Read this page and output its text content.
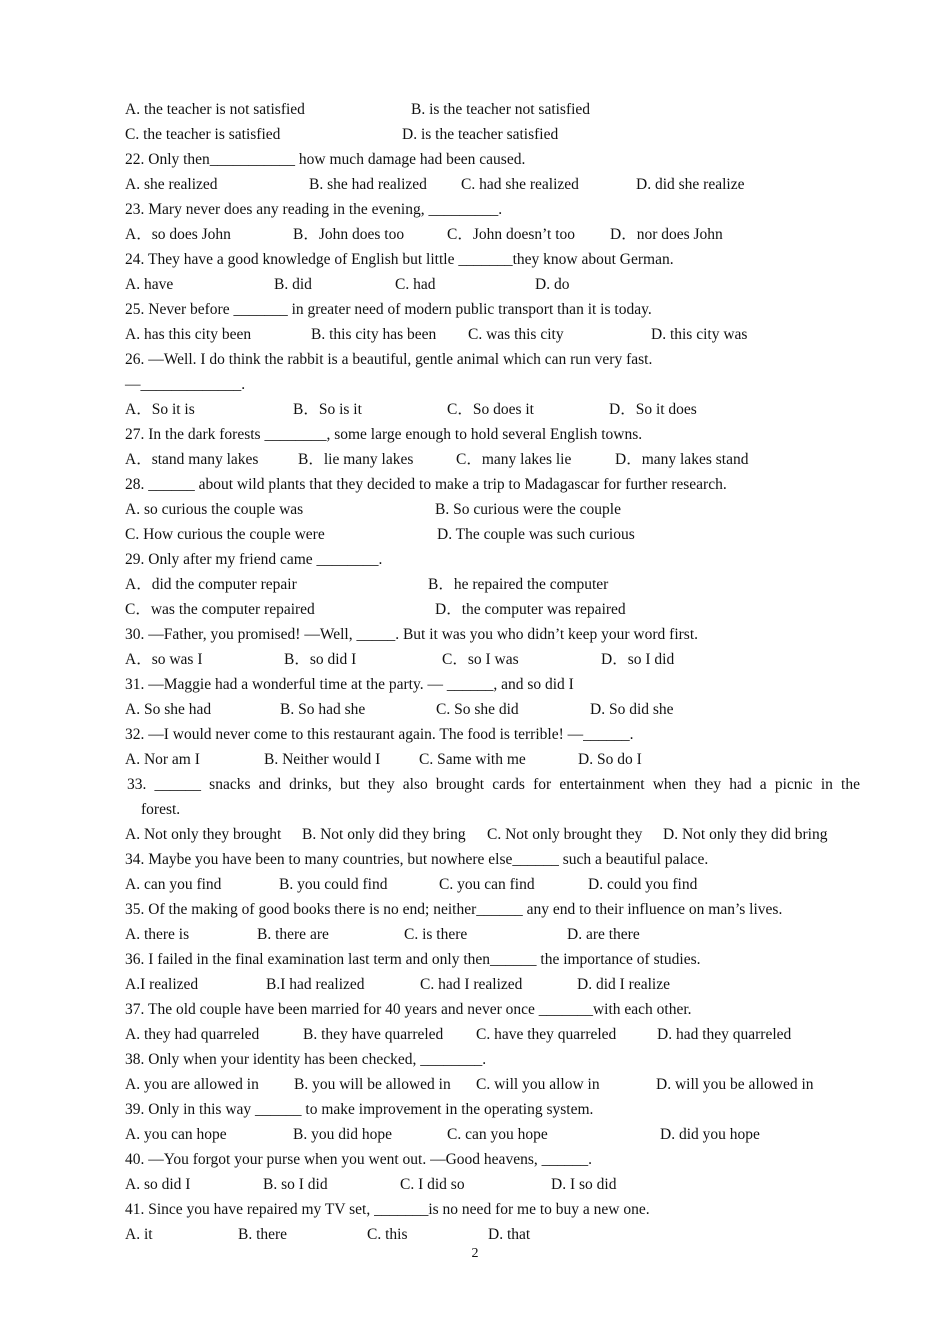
A. the teacher is not satisfied	B. is the teacher not satisfied
C. the teacher is satisfied	D. is the teacher satisfied
22. Only then___________ how much damage had been caused.
A. she realized	B. she had realized C. had she realized	D. did she realize
23. Mary never does any reading in the evening, _________.
A．so does John	B．John does too	C．John doesn’t too D．nor does John
24. They have a good knowledge of English but little _______they know about German.
A. have	B. did	C. had	D. do
25. Never before _______ in greater need of modern public transport than it is today.
A. has this city been	B. this city has been C. was this city	D. this city was
26. —Well. I do think the rabbit is a beautiful, gentle animal which can run very fast.
—_____________.
A．So it is	B．So is it	C．So does it	D．So it does
27. In the dark forests ________, some large enough to hold several English towns.
A．stand many lakes	B．lie many lakes	C．many lakes lie	D．many lakes stand
28. ______ about wild plants that they decided to make a trip to Madagascar for further research.
A. so curious the couple was	B. So curious were the couple
C. How curious the couple were	D. The couple was such curious
29. Only after my friend came ________.
A．did the computer repair	B．he repaired the computer
C．was the computer repaired	D．the computer was repaired
30. —Father, you promised! —Well, _____. But it was you who didn’t keep your word first.
A．so was I	B．so did I	C．so I was	D．so I did
31. ―Maggie had a wonderful time at the party. ― ______, and so did I
A. So she had	B. So had she	C. So she did	D. So did she
32. ―I would never come to this restaurant again. The food is terrible! ―______.
A. Nor am I	B. Neither would I	C. Same with me	D. So do I
33. ______ snacks and drinks, but they also brought cards for entertainment when they had a picnic in the
forest.
A. Not only they brought B. Not only did they bring C. Not only brought they D. Not only they did bring
34. Maybe you have been to many countries, but nowhere else______ such a beautiful palace.
A. can you find	B. you could find	C. you can find	D. could you find
35. Of the making of good books there is no end; neither______ any end to their influence on man’s lives.
A. there is	B. there are	C. is there	D. are there
36. I failed in the final examination last term and only then______ the importance of studies.
A.I realized	B.I had realized	C. had I realized	D. did I realize
37. The old couple have been married for 40 years and never once _______with each other.
A. they had quarreled	B. they have quarreled C. have they quarreled	D. had they quarreled
38. Only when your identity has been checked, ________.
A. you are allowed in B. you will be allowed in C. will you allow in	D. will you be allowed in
39. Only in this way ______ to make improvement in the operating system.
A. you can hope	B. you did hope	C. can you hope	D. did you hope
40. —You forgot your purse when you went out. —Good heavens, ______.
A. so did I	B. so I did	C. I did so	D. I so did
41. Since you have repaired my TV set, _______is no need for me to buy a new one.
A. it	B. there	C. this	D. that
2
